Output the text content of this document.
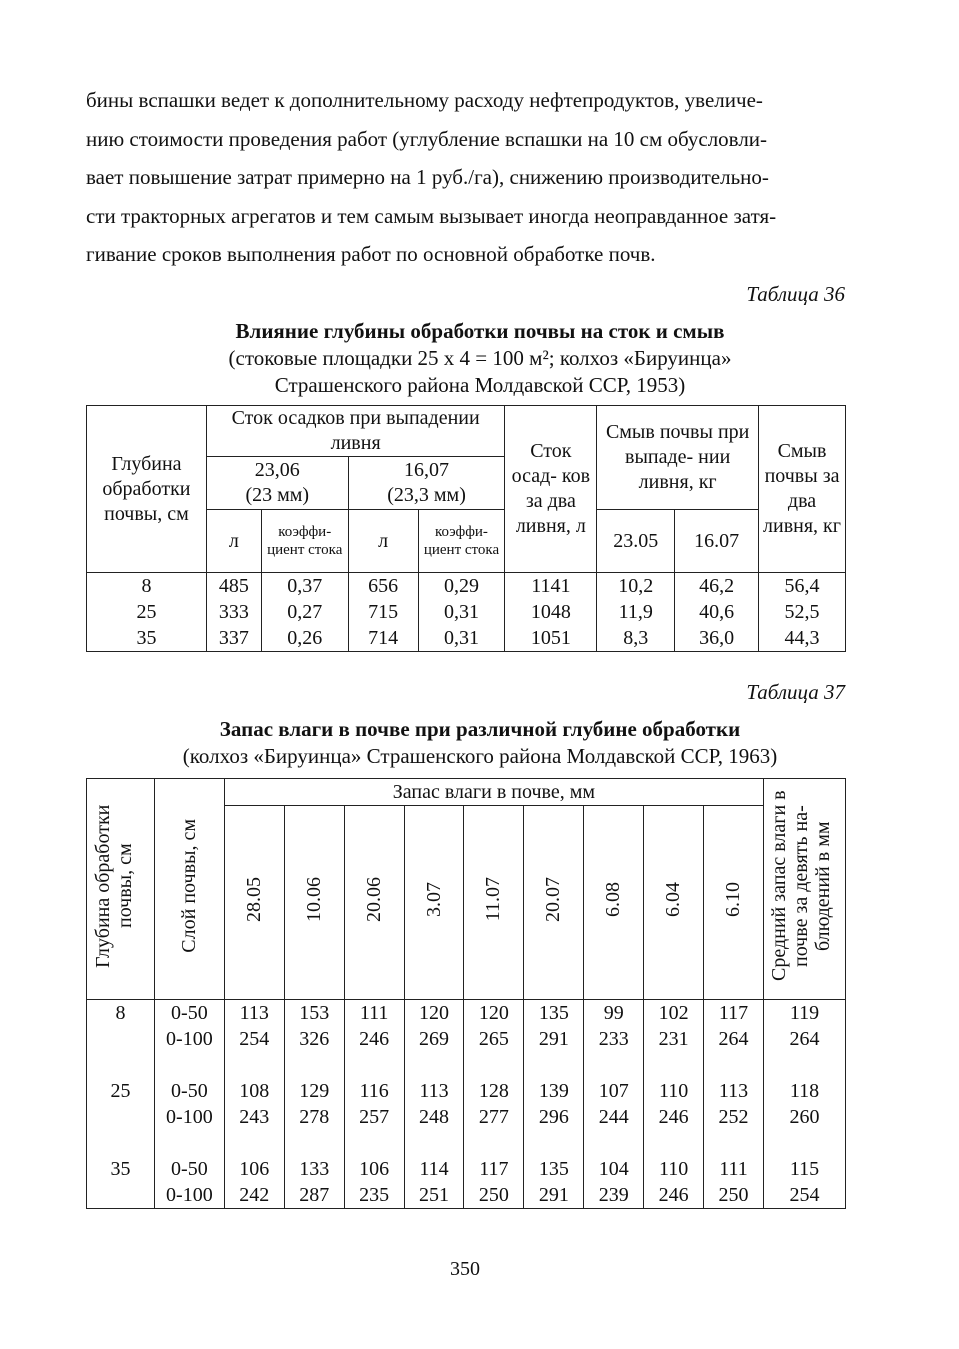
бины вспашки ведет к дополнительному расходу нефтепродуктов, увеличе-
нию стоимости проведения работ (углубление вспашки на 10 см обусловли-
вает повышение затрат примерно на 1 руб./га), снижению производительно-
сти тракторных агрегатов и тем самым вызывает иногда неоправданное затя-
гивание сроков выполнения работ по основной обработке почв.
Таблица 36
Влияние глубины обработки почвы на сток и смыв
(стоковые площадки 25 х 4 = 100 м²; колхоз «Бируинца»
Страшенского района Молдавской ССР, 1953)
Глубина обработки почвы, см	Сток осадков при выпадении ливня				Сток осад- ков за два ливня, л	Смыв почвы при выпаде- нии ливня, кг		Смыв почвы за два ливня, кг
	23,06
(23 мм)		16,07
(23,3 мм)					
	л	коэффи- циент стока	л	коэффи- циент стока		23.05	16.07	
8	485	0,37	656	0,29	1141	10,2	46,2	56,4
25	333	0,27	715	0,31	1048	11,9	40,6	52,5
35	337	0,26	714	0,31	1051	8,3	36,0	44,3
Таблица 37
Запас влаги в почве при различной глубине обработки
(колхоз «Бируинца» Страшенского района Молдавской ССР, 1963)
Глубина обработки почвы, см	Слой почвы, см	Запас влаги в почве, мм									Средний запас влаги в почве за девять на- блюдений в мм
		28.05	10.06	20.06	3.07	11.07	20.07	6.08	6.04	6.10	
8	0-50	113	153	111	120	120	135	99	102	117	119
	0-100	254	326	246	269	265	291	233	231	264	264

25	0-50	108	129	116	113	128	139	107	110	113	118
	0-100	243	278	257	248	277	296	244	246	252	260

35	0-50	106	133	106	114	117	135	104	110	111	115
	0-100	242	287	235	251	250	291	239	246	250	254
350
